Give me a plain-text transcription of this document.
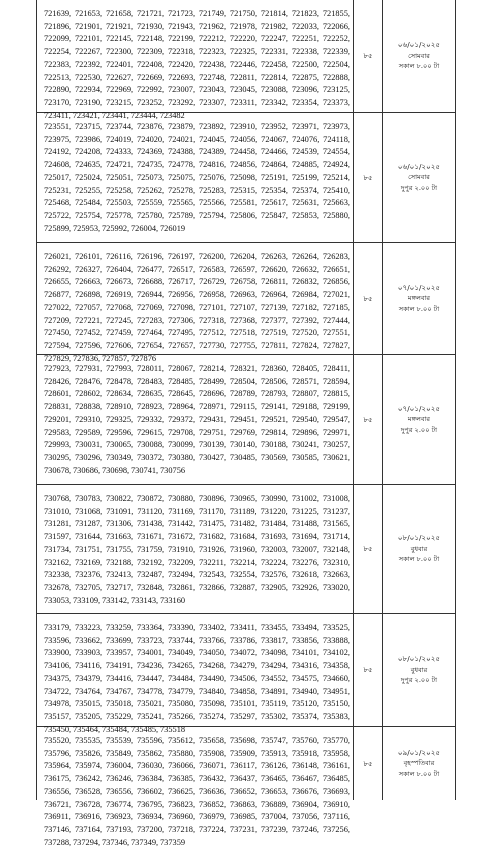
721639, 721653, 721658, 721721, 721723, 721749, 721750, 721814, 721823, 721855, 721896, 721901, 721921, 721930, 721943, 721962, 721978, 721982, 722033, 722066, 722099, 722101, 722145, 722148, 722199, 722212, 722220, 722247, 722251, 722252, 722254, 722267, 722300, 722309, 722318, 722323, 722325, 722331, 722338, 722339, 722383, 722392, 722401, 722408, 722420, 722438, 722446, 722458, 722500, 722504, 722513, 722530, 722627, 722669, 722693, 722748, 722811, 722814, 722875, 722888, 722890, 722934, 722969, 722992, 723007, 723043, 723045, 723088, 723096, 723125, 723170, 723190, 723215, 723252, 723292, 723307, 723311, 723342, 723354, 723373, 723411, 723421, 723441, 723444, 723482
৮৫
০৬/০১/২০২৫
সোমবার
সকাল ৮.০০ টা
723551, 723715, 723744, 723876, 723879, 723892, 723910, 723952, 723971, 723973, 723975, 723986, 724019, 724020, 724021, 724045, 724056, 724067, 724076, 724118, 724192, 724208, 724333, 724369, 724388, 724389, 724458, 724466, 724539, 724554, 724608, 724635, 724721, 724735, 724778, 724816, 724856, 724864, 724885, 724924, 725017, 725024, 725051, 725073, 725075, 725076, 725098, 725191, 725199, 725214, 725231, 725255, 725258, 725262, 725278, 725283, 725315, 725354, 725374, 725410, 725468, 725484, 725503, 725559, 725565, 725566, 725581, 725617, 725631, 725663, 725722, 725754, 725778, 725780, 725789, 725794, 725806, 725847, 725853, 725880, 725899, 725953, 725992, 726004, 726019
৮৫
০৬/০১/২০২৫
সোমবার
দুপুর ২.০০ টা
726021, 726101, 726116, 726196, 726197, 726200, 726204, 726263, 726264, 726283, 726292, 726327, 726404, 726477, 726517, 726583, 726597, 726620, 726632, 726651, 726655, 726663, 726673, 726688, 726717, 726729, 726758, 726811, 726832, 726856, 726877, 726898, 726919, 726944, 726956, 726958, 726963, 726964, 726984, 727021, 727022, 727057, 727068, 727069, 727098, 727101, 727107, 727139, 727182, 727185, 727209, 727221, 727245, 727283, 727306, 727318, 727368, 727377, 727392, 727444, 727450, 727452, 727459, 727464, 727495, 727512, 727518, 727519, 727520, 727551, 727594, 727596, 727606, 727654, 727657, 727730, 727755, 727811, 727824, 727827, 727829, 727836, 727857, 727876
৮৫
০৭/০১/২০২৫
মঙ্গলবার
সকাল ৮.০০ টা
727923, 727931, 727993, 728011, 728067, 728214, 728321, 728360, 728405, 728411, 728426, 728476, 728478, 728483, 728485, 728499, 728504, 728506, 728571, 728594, 728601, 728602, 728634, 728635, 728645, 728696, 728789, 728793, 728807, 728815, 728831, 728838, 728910, 728923, 728964, 728971, 729115, 729141, 729188, 729199, 729201, 729310, 729325, 729332, 729372, 729431, 729451, 729521, 729540, 729547, 729583, 729589, 729596, 729615, 729708, 729751, 729769, 729814, 729896, 729971, 729993, 730031, 730065, 730088, 730099, 730139, 730140, 730188, 730241, 730257, 730295, 730296, 730349, 730372, 730380, 730427, 730485, 730569, 730585, 730621, 730678, 730686, 730698, 730741, 730756
৮৫
০৭/০১/২০২৫
মঙ্গলবার
দুপুর ২.০০ টা
730768, 730783, 730822, 730872, 730880, 730896, 730965, 730990, 731002, 731008, 731010, 731068, 731091, 731120, 731169, 731170, 731189, 731220, 731225, 731237, 731281, 731287, 731306, 731438, 731442, 731475, 731482, 731484, 731488, 731565, 731597, 731644, 731663, 731671, 731672, 731682, 731684, 731693, 731694, 731714, 731734, 731751, 731755, 731759, 731910, 731926, 731960, 732003, 732007, 732148, 732162, 732169, 732188, 732192, 732209, 732211, 732214, 732224, 732276, 732310, 732338, 732376, 732413, 732487, 732494, 732543, 732554, 732576, 732618, 732663, 732678, 732705, 732717, 732848, 732861, 732866, 732887, 732905, 732926, 733020, 733053, 733109, 733142, 733143, 733160
৮৫
০৮/০১/২০২৫
বুধবার
সকাল ৮.০০ টা
733179, 733223, 733259, 733364, 733390, 733402, 733411, 733455, 733494, 733525, 733596, 733662, 733699, 733723, 733744, 733766, 733786, 733817, 733856, 733888, 733900, 733903, 733957, 734001, 734049, 734050, 734072, 734098, 734101, 734102, 734106, 734116, 734191, 734236, 734265, 734268, 734279, 734294, 734316, 734358, 734375, 734379, 734416, 734447, 734484, 734490, 734506, 734552, 734575, 734660, 734722, 734764, 734767, 734778, 734779, 734840, 734858, 734891, 734940, 734951, 734978, 735015, 735018, 735021, 735080, 735098, 735101, 735119, 735120, 735150, 735157, 735205, 735229, 735241, 735266, 735274, 735297, 735302, 735374, 735383, 735450, 735464, 735484, 735485, 735518
৮৫
০৮/০১/২০২৫
বুধবার
দুপুর ২.০০ টা
735520, 735535, 735539, 735596, 735612, 735658, 735698, 735747, 735760, 735770, 735796, 735826, 735849, 735862, 735880, 735908, 735909, 735913, 735918, 735958, 735964, 735974, 736004, 736030, 736066, 736071, 736117, 736126, 736148, 736161, 736175, 736242, 736246, 736384, 736385, 736432, 736437, 736465, 736467, 736485, 736556, 736528, 736556, 736602, 736625, 736636, 736652, 736653, 736676, 736693, 736721, 736728, 736774, 736795, 736823, 736852, 736863, 736889, 736904, 736910, 736911, 736916, 736923, 736934, 736960, 736979, 736985, 737004, 737056, 737116, 737146, 737164, 737193, 737200, 737218, 737224, 737231, 737239, 737246, 737256, 737288, 737294, 737346, 737349, 737359
৮৫
০৯/০১/২০২৫
বৃহস্পতিবার
সকাল ৮.০০ টা
